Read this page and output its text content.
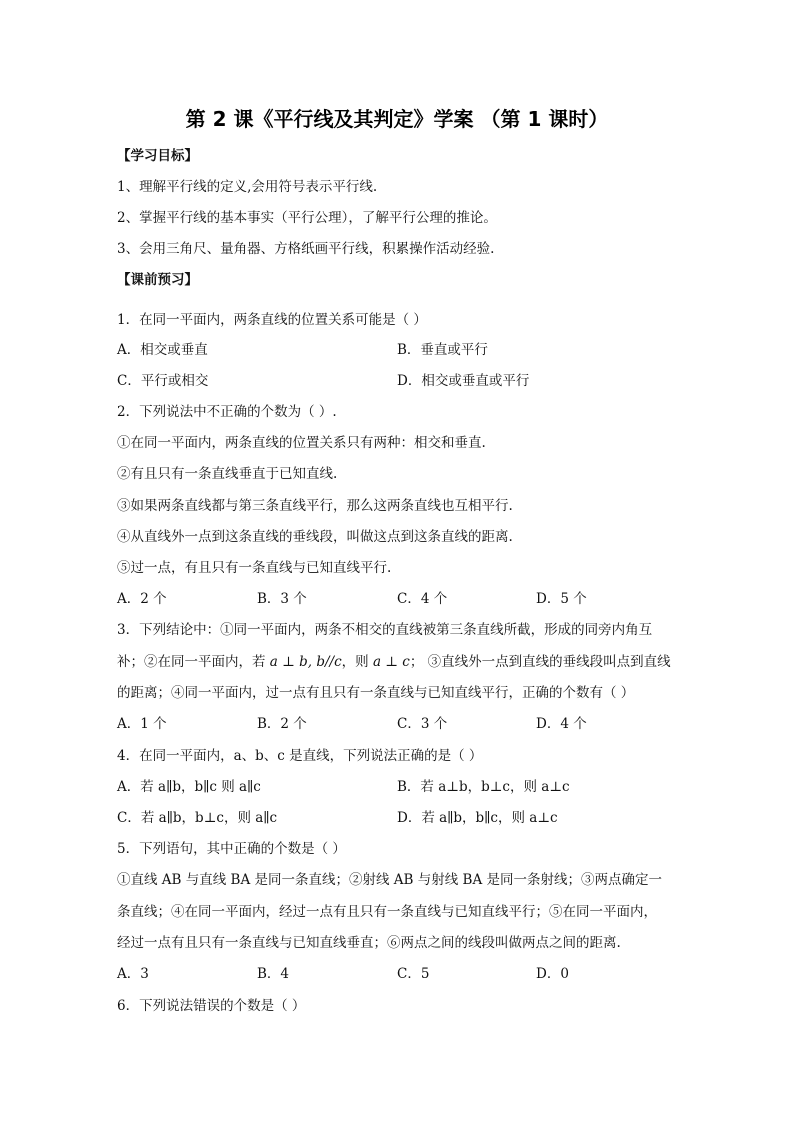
第 2 课《平行线及其判定》学案 （第 1 课时）
【学习目标】
1、理解平行线的定义,会用符号表示平行线.
2、掌握平行线的基本事实（平行公理），了解平行公理的推论。
3、会用三角尺、量角器、方格纸画平行线，积累操作活动经验.
【课前预习】
1．在同一平面内，两条直线的位置关系可能是（ ）
A．相交或垂直	B．垂直或平行
C．平行或相交	D．相交或垂直或平行
2．下列说法中不正确的个数为（ ）.
①在同一平面内，两条直线的位置关系只有两种：相交和垂直.
②有且只有一条直线垂直于已知直线.
③如果两条直线都与第三条直线平行，那么这两条直线也互相平行.
④从直线外一点到这条直线的垂线段，叫做这点到这条直线的距离.
⑤过一点，有且只有一条直线与已知直线平行.
A．2 个	B．3 个	C．4 个	D．5 个
3．下列结论中：①同一平面内，两条不相交的直线被第三条直线所截，形成的同旁内角互
补；②在同一平面内，若 a ⊥ b, b//c，则 a ⊥ c； ③直线外一点到直线的垂线段叫点到直线
的距离；④同一平面内，过一点有且只有一条直线与已知直线平行，正确的个数有（ ）
A．1 个	B．2 个	C．3 个	D．4 个
4．在同一平面内，a、b、c 是直线，下列说法正确的是（ ）
A．若 a∥b，b∥c 则 a∥c	B．若 a⊥b，b⊥c，则 a⊥c
C．若 a∥b，b⊥c，则 a∥c	D．若 a∥b，b∥c，则 a⊥c
5．下列语句，其中正确的个数是（ ）
①直线 AB 与直线 BA 是同一条直线；②射线 AB 与射线 BA 是同一条射线；③两点确定一
条直线；④在同一平面内，经过一点有且只有一条直线与已知直线平行；⑤在同一平面内，
经过一点有且只有一条直线与已知直线垂直；⑥两点之间的线段叫做两点之间的距离.
A．3	B．4	C．5	D．0
6．下列说法错误的个数是（ ）
